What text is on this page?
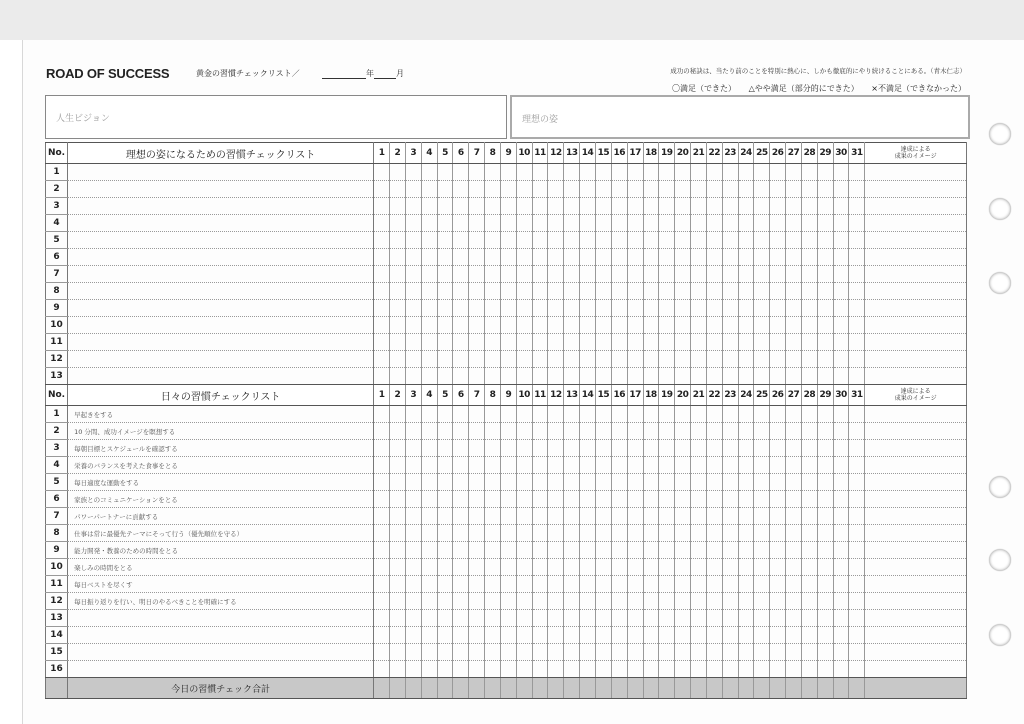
ROAD OF SUCCESS	黄金の習慣チェックリスト／	年	月	成功の秘訣は、当たり前のことを特別に熱心に、しかも徹底的にやり続けることにある。（青木仁志）
〇満足（できた） △やや満足（部分的にできた） ×不満足（できなかった）
人生ビジョン	理想の姿
No.	理想の姿になるための習慣チェックリスト	1	2	3	4	5	6	7	8	9	10	11	12	13	14	15	16	17	18	19	20	21	22	23	24	25	26	27	28	29	30	31	達成による
成果のイメージ

1																																	
2																																	
3																																	
4																																	
5																																	
6																																	
7																																	
8																																	
9																																	
10																																	
11																																	
12																																	
13																																	
No.	日々の習慣チェックリスト	1	2	3	4	5	6	7	8	9	10	11	12	13	14	15	16	17	18	19	20	21	22	23	24	25	26	27	28	29	30	31	達成による
成果のイメージ

1	早起きをする																																
2	10 分間、成功イメージを瞑想する																																
3	毎朝目標とスケジュールを確認する																																
4	栄養のバランスを考えた食事をとる																																
5	毎日適度な運動をする																																
6	家族とのコミュニケーションをとる																																
7	パワーパートナーに貢献する																																
8	仕事は常に最優先テーマにそって行う（優先順位を守る）																																
9	能力開発・教養のための時間をとる																																
10	楽しみの時間をとる																																
11	毎日ベストを尽くす																																
12	毎日振り返りを行い、明日のやるべきことを明確にする																																
13																																	
14																																	
15																																	
16																																	
	今日の習慣チェック合計																																
